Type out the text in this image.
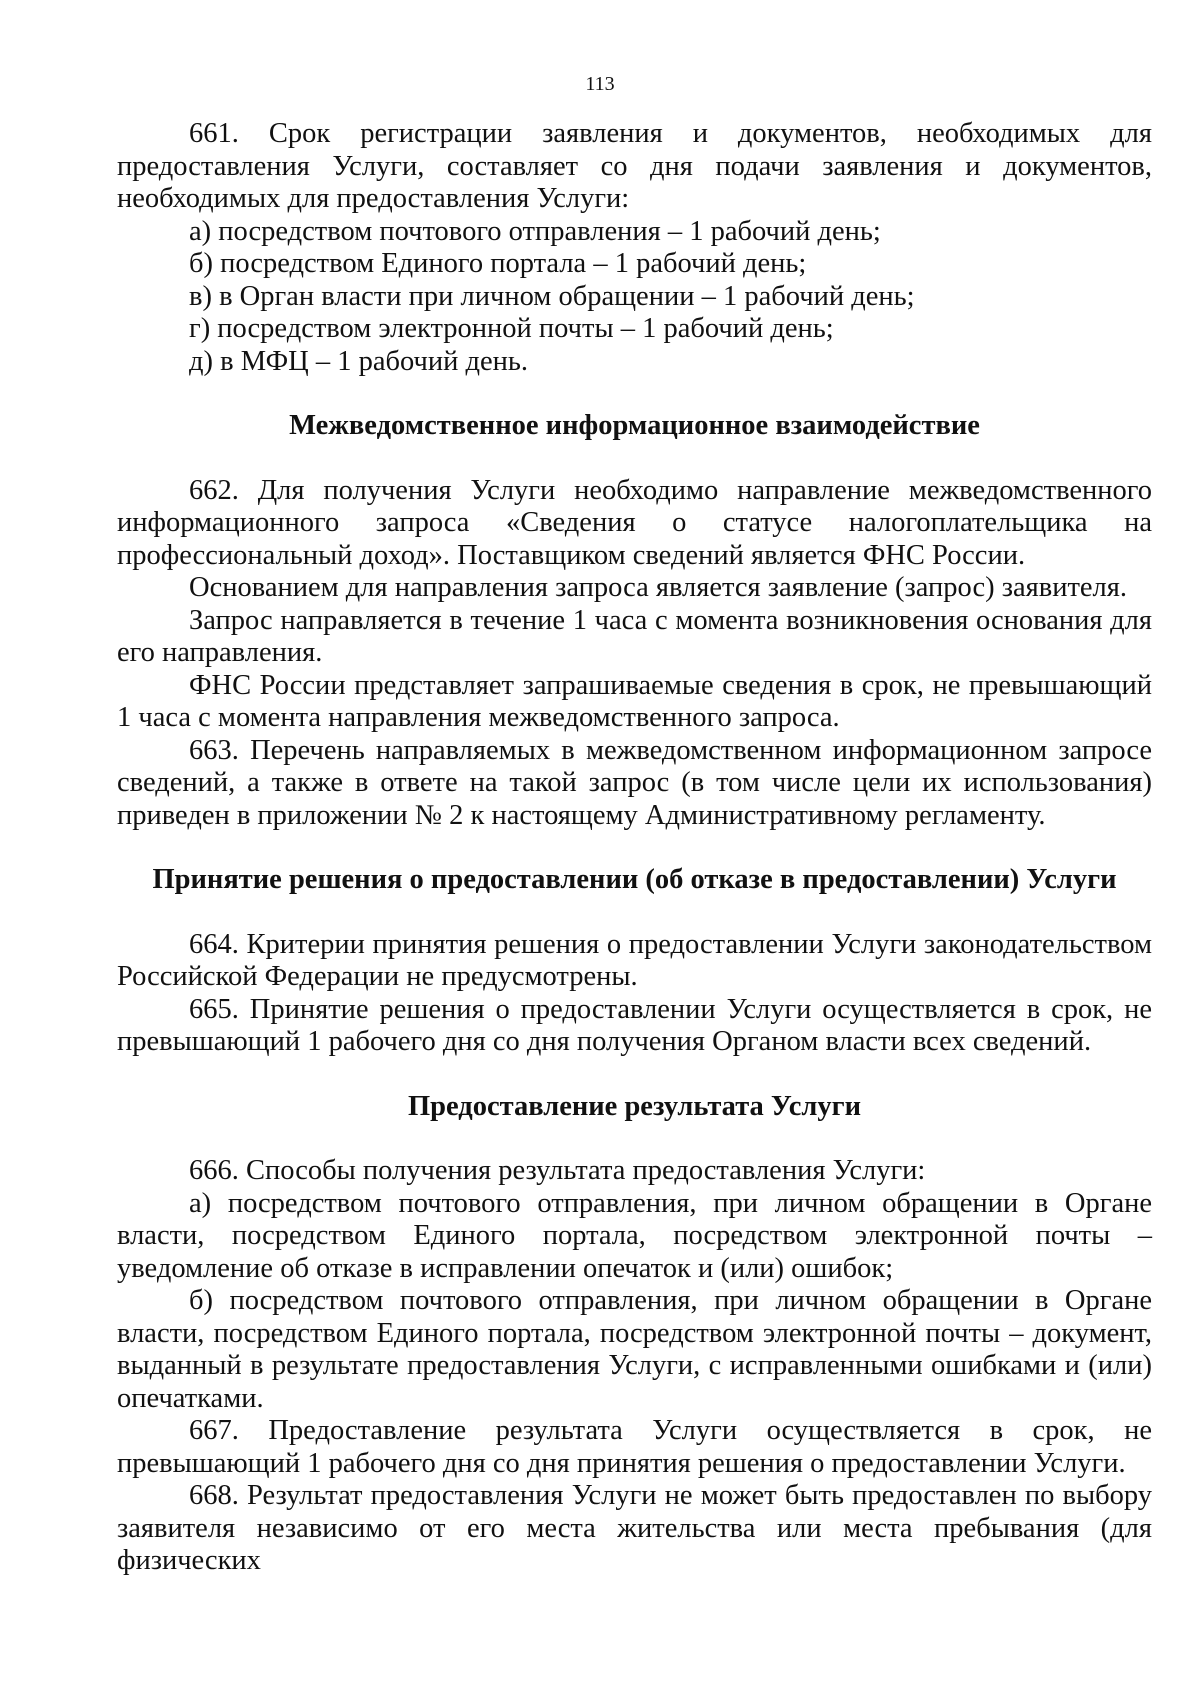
113

661. Срок регистрации заявления и документов, необходимых для предоставления Услуги, составляет со дня подачи заявления и документов, необходимых для предоставления Услуги:

а) посредством почтового отправления – 1 рабочий день;

б) посредством Единого портала – 1 рабочий день;

в) в Орган власти при личном обращении – 1 рабочий день;

г) посредством электронной почты – 1 рабочий день;

д) в МФЦ – 1 рабочий день.

Межведомственное информационное взаимодействие

662. Для получения Услуги необходимо направление межведомственного информационного запроса «Сведения о статусе налогоплательщика на профессиональный доход». Поставщиком сведений является ФНС России.

Основанием для направления запроса является заявление (запрос) заявителя.

Запрос направляется в течение 1 часа с момента возникновения основания для его направления.

ФНС России представляет запрашиваемые сведения в срок, не превышающий 1 часа с момента направления межведомственного запроса.

663. Перечень направляемых в межведомственном информационном запросе сведений, а также в ответе на такой запрос (в том числе цели их использования) приведен в приложении № 2 к настоящему Административному регламенту.

Принятие решения о предоставлении (об отказе в предоставлении) Услуги

664. Критерии принятия решения о предоставлении Услуги законодательством Российской Федерации не предусмотрены.

665. Принятие решения о предоставлении Услуги осуществляется в срок, не превышающий 1 рабочего дня со дня получения Органом власти всех сведений.

Предоставление результата Услуги

666. Способы получения результата предоставления Услуги:

а) посредством почтового отправления, при личном обращении в Органе власти, посредством Единого портала, посредством электронной почты – уведомление об отказе в исправлении опечаток и (или) ошибок;

б) посредством почтового отправления, при личном обращении в Органе власти, посредством Единого портала, посредством электронной почты – документ, выданный в результате предоставления Услуги, с исправленными ошибками и (или) опечатками.

667. Предоставление результата Услуги осуществляется в срок, не превышающий 1 рабочего дня со дня принятия решения о предоставлении Услуги.

668. Результат предоставления Услуги не может быть предоставлен по выбору заявителя независимо от его места жительства или места пребывания (для физических
